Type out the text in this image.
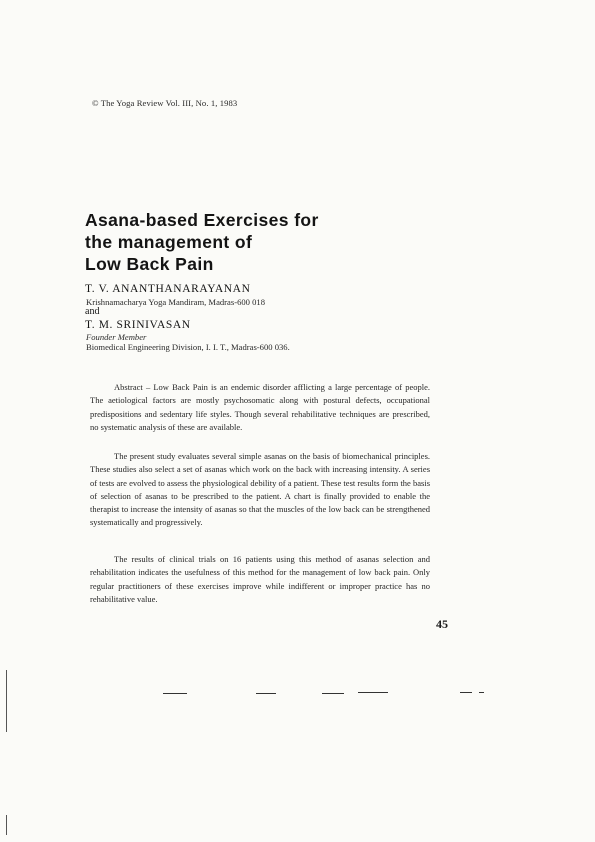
© The Yoga Review Vol. III, No. 1, 1983
Asana-based Exercises for
the management of
Low Back Pain
T. V. ANANTHANARAYANAN
Krishnamacharya Yoga Mandiram, Madras-600 018
and
T. M. SRINIVASAN
Founder Member
Biomedical Engineering Division, I. I. T., Madras-600 036.

Abstract – Low Back Pain is an endemic disorder afflicting a large percentage of people. The aetiological factors are mostly psychosomatic along with postural defects, occupational predispositions and sedentary life styles. Though several rehabilitative techniques are prescribed, no systematic analysis of these are available.

The present study evaluates several simple asanas on the basis of biomechanical principles. These studies also select a set of asanas which work on the back with increasing intensity. A series of tests are evolved to assess the physiological debility of a patient. These test results form the basis of selection of asanas to be prescribed to the patient. A chart is finally provided to enable the therapist to increase the intensity of asanas so that the muscles of the low back can be strengthened systematically and progressively.

The results of clinical trials on 16 patients using this method of asanas selection and rehabilitation indicates the usefulness of this method for the management of low back pain. Only regular practitioners of these exercises improve while indifferent or improper practice has no rehabilitative value.

45
